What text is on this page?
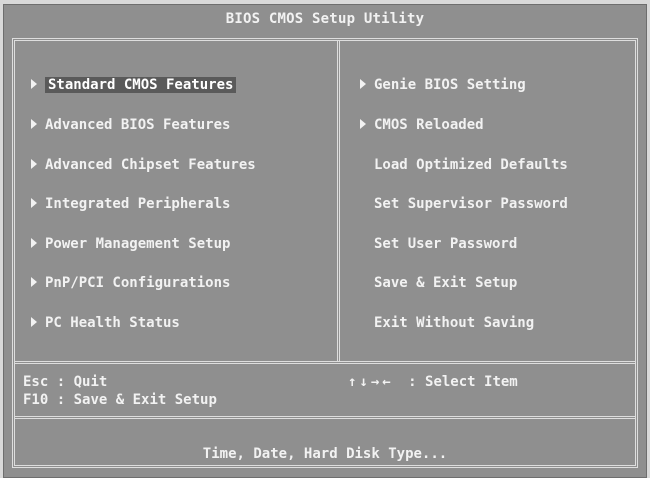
BIOS CMOS Setup Utility
Standard CMOS Features
Advanced BIOS Features
Advanced Chipset Features
Integrated Peripherals
Power Management Setup
PnP/PCI Configurations
PC Health Status
Genie BIOS Setting
CMOS Reloaded
Load Optimized Defaults
Set Supervisor Password
Set User Password
Save & Exit Setup
Exit Without Saving
Esc : Quit
F10 : Save & Exit Setup
↑↓→← : Select Item
Time, Date, Hard Disk Type...
